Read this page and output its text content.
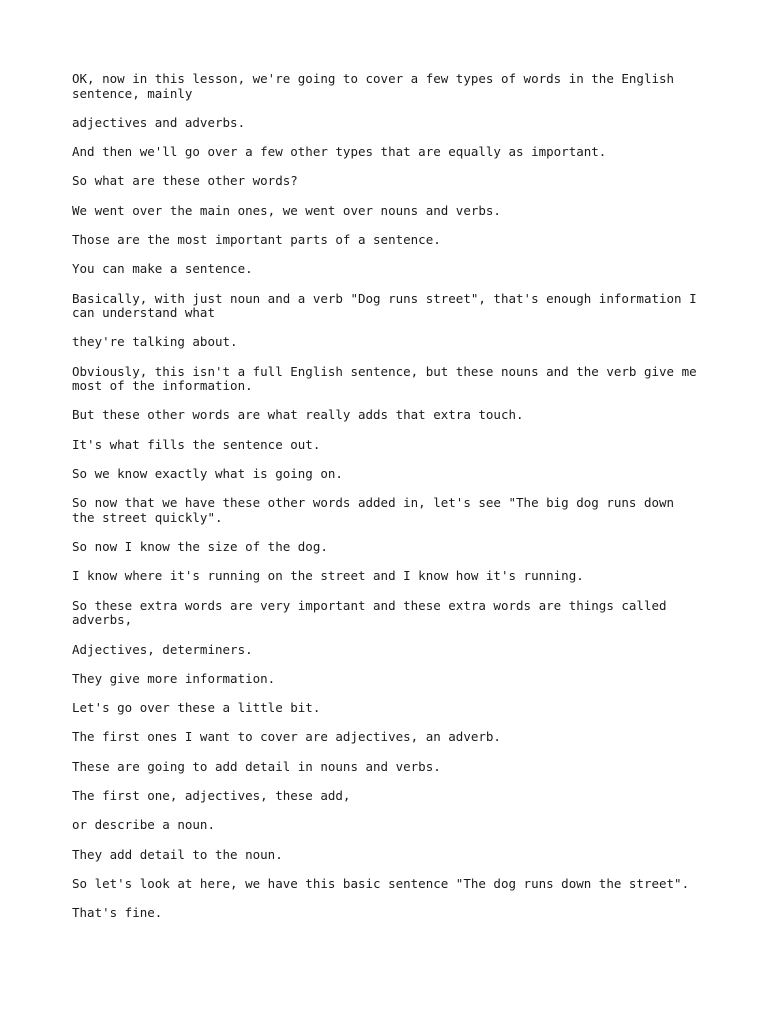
OK, now in this lesson, we're going to cover a few types of words in the English sentence, mainly

adjectives and adverbs.

And then we'll go over a few other types that are equally as important.

So what are these other words?

We went over the main ones, we went over nouns and verbs.

Those are the most important parts of a sentence.

You can make a sentence.

Basically, with just noun and a verb "Dog runs street", that's enough information I can understand what

they're talking about.

Obviously, this isn't a full English sentence, but these nouns and the verb give me most of the information.

But these other words are what really adds that extra touch.

It's what fills the sentence out.

So we know exactly what is going on.

So now that we have these other words added in, let's see "The big dog runs down the street quickly".

So now I know the size of the dog.

I know where it's running on the street and I know how it's running.

So these extra words are very important and these extra words are things called adverbs,

Adjectives, determiners.

They give more information.

Let's go over these a little bit.

The first ones I want to cover are adjectives, an adverb.

These are going to add detail in nouns and verbs.

The first one, adjectives, these add,

or describe a noun.

They add detail to the noun.

So let's look at here, we have this basic sentence "The dog runs down the street".

That's fine.
